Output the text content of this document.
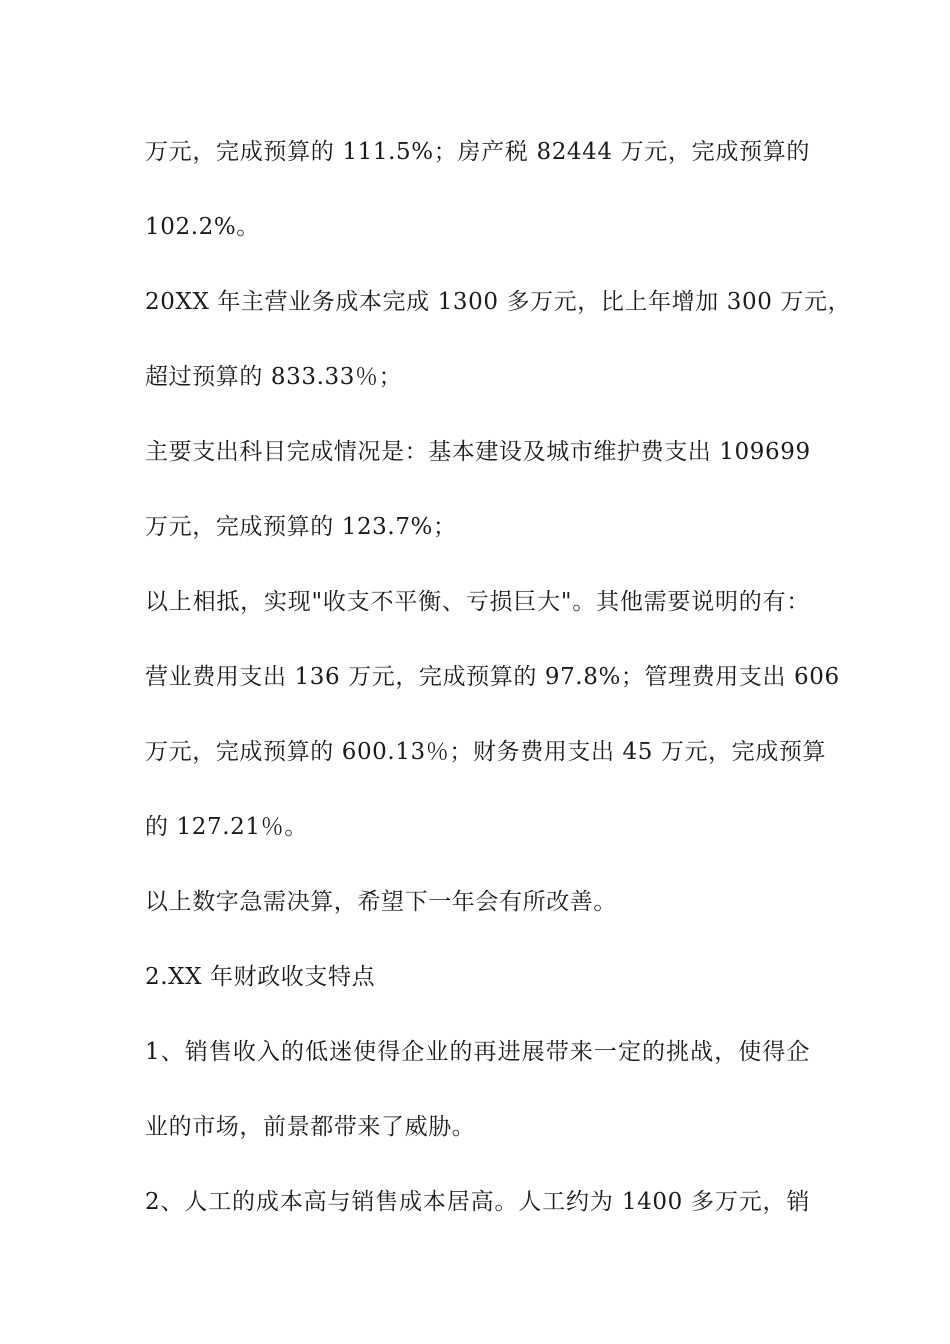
万元，完成预算的 111.5%；房产税 82444 万元，完成预算的
102.2%。
20XX 年主营业务成本完成 1300 多万元，比上年增加 300 万元，
超过预算的 833.33％；
主要支出科目完成情况是：基本建设及城市维护费支出 109699
万元，完成预算的 123.7%；
以上相抵，实现"收支不平衡、亏损巨大"。其他需要说明的有：
营业费用支出 136 万元，完成预算的 97.8%；管理费用支出 606
万元，完成预算的 600.13％；财务费用支出 45 万元，完成预算
的 127.21％。
以上数字急需决算，希望下一年会有所改善。
2.XX 年财政收支特点
1、销售收入的低迷使得企业的再进展带来一定的挑战，使得企
业的市场，前景都带来了威胁。
2、人工的成本高与销售成本居高。人工约为 1400 多万元，销
